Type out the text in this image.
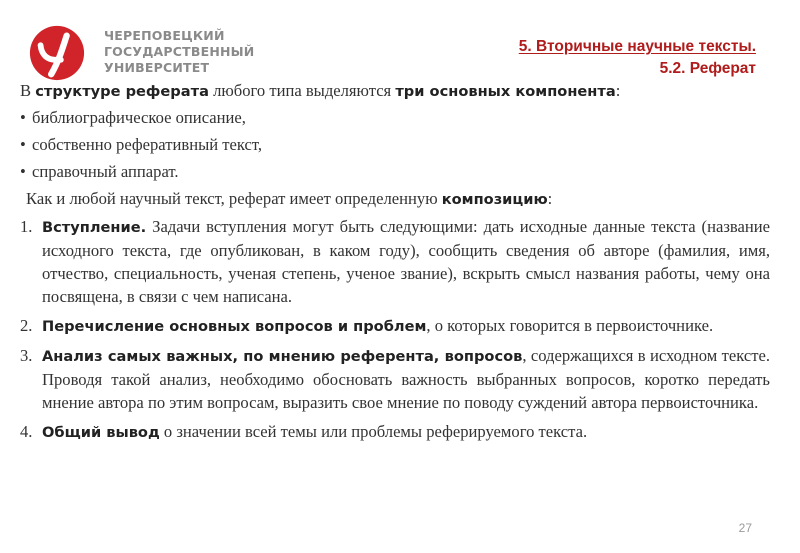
ЧЕРЕПОВЕЦКИЙ
ГОСУДАРСТВЕННЫЙ
УНИВЕРСИТЕТ
5. Вторичные научные тексты.
5.2. Реферат
В структуре реферата любого типа выделяются три основных компонента:
• библиографическое описание,
• собственно реферативный текст,
• справочный аппарат.
Как и любой научный текст, реферат имеет определенную композицию:
1. Вступление. Задачи вступления могут быть следующими: дать исходные данные текста (название исходного текста, где опубликован, в каком году), сообщить сведения об авторе (фамилия, имя, отчество, специальность, ученая степень, ученое звание), вскрыть смысл названия работы, чему она посвящена, в связи с чем написана.
2. Перечисление основных вопросов и проблем, о которых говорится в первоисточнике.
3. Анализ самых важных, по мнению референта, вопросов, содержащихся в исходном тексте. Проводя такой анализ, необходимо обосновать важность выбранных вопросов, коротко передать мнение автора по этим вопросам, выразить свое мнение по поводу суждений автора первоисточника.
4. Общий вывод о значении всей темы или проблемы реферируемого текста.
27
